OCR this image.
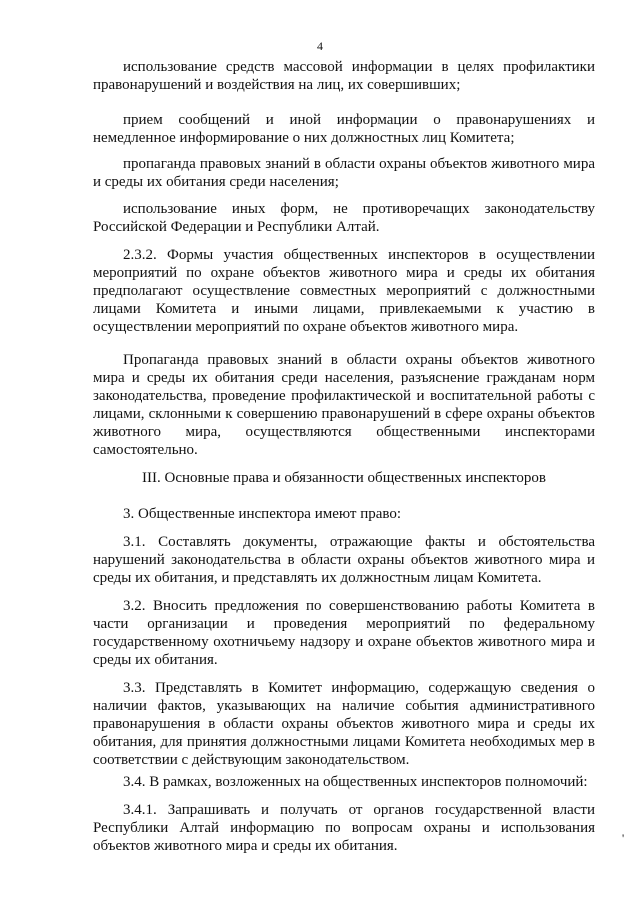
4
использование средств массовой информации в целях профилактики правонарушений и воздействия на лиц, их совершивших;
прием сообщений и иной информации о правонарушениях и немедленное информирование о них должностных лиц Комитета;
пропаганда правовых знаний в области охраны объектов животного мира и среды их обитания среди населения;
использование иных форм, не противоречащих законодательству Российской Федерации и Республики Алтай.
2.3.2. Формы участия общественных инспекторов в осуществлении мероприятий по охране объектов животного мира и среды их обитания предполагают осуществление совместных мероприятий с должностными лицами Комитета и иными лицами, привлекаемыми к участию в осуществлении мероприятий по охране объектов животного мира.
Пропаганда правовых знаний в области охраны объектов животного мира и среды их обитания среди населения, разъяснение гражданам норм законодательства, проведение профилактической и воспитательной работы с лицами, склонными к совершению правонарушений в сфере охраны объектов животного мира, осуществляются общественными инспекторами самостоятельно.
III. Основные права и обязанности общественных инспекторов
3. Общественные инспектора имеют право:
3.1. Составлять документы, отражающие факты и обстоятельства нарушений законодательства в области охраны объектов животного мира и среды их обитания, и представлять их должностным лицам Комитета.
3.2. Вносить предложения по совершенствованию работы Комитета в части организации и проведения мероприятий по федеральному государственному охотничьему надзору и охране объектов животного мира и среды их обитания.
3.3. Представлять в Комитет информацию, содержащую сведения о наличии фактов, указывающих на наличие события административного правонарушения в области охраны объектов животного мира и среды их обитания, для принятия должностными лицами Комитета необходимых мер в соответствии с действующим законодательством.
3.4. В рамках, возложенных на общественных инспекторов полномочий:
3.4.1. Запрашивать и получать от органов государственной власти Республики Алтай информацию по вопросам охраны и использования объектов животного мира и среды их обитания.	'
